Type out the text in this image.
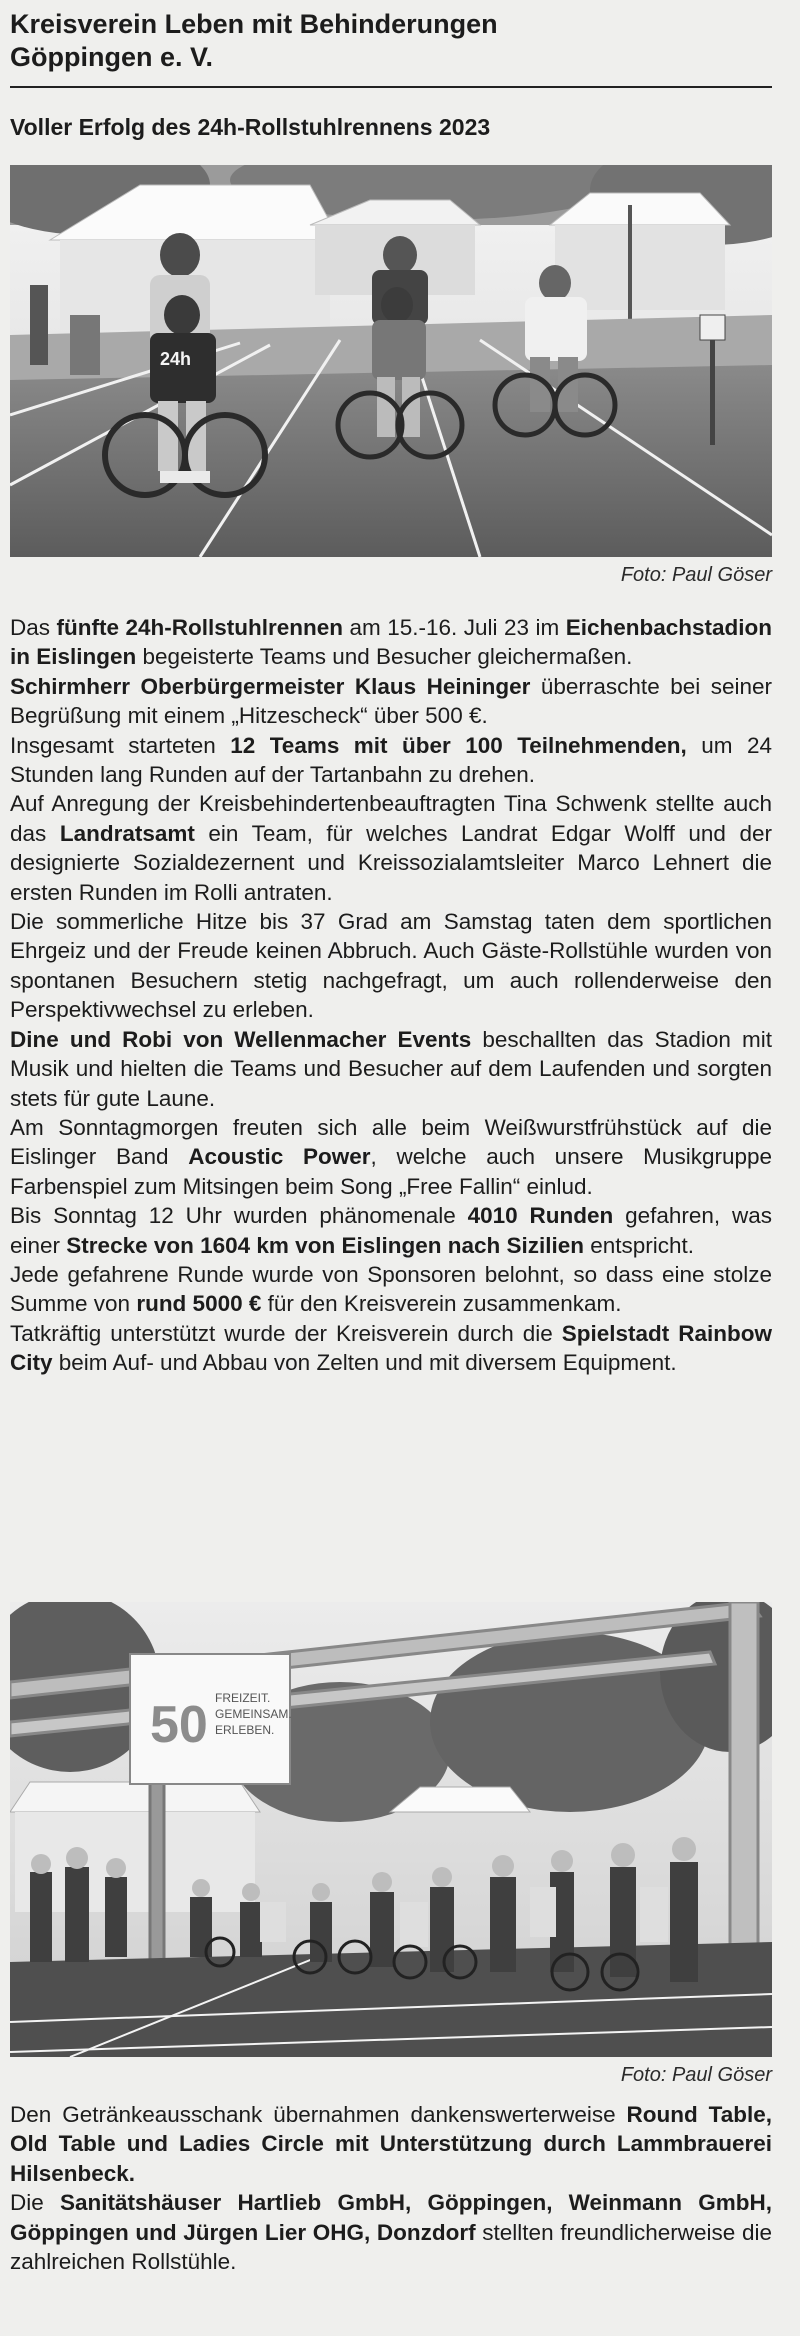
Kreisverein Leben mit Behinderungen
Göppingen e. V.
Voller Erfolg des 24h-Rollstuhlrennens 2023
24h
Foto: Paul Göser

Das fünfte 24h-Rollstuhlrennen am 15.-16. Juli 23 im Eichenbachstadion in Eislingen begeisterte Teams und Besucher gleichermaßen.

Schirmherr Oberbürgermeister Klaus Heininger überraschte bei seiner Begrüßung mit einem „Hitzescheck“ über 500 €.

Insgesamt starteten 12 Teams mit über 100 Teilnehmenden, um 24 Stunden lang Runden auf der Tartanbahn zu drehen.

Auf Anregung der Kreisbehindertenbeauftragten Tina Schwenk stellte auch das Landratsamt ein Team, für welches Landrat Edgar Wolff und der designierte Sozialdezernent und Kreissozialamtsleiter Marco Lehnert die ersten Runden im Rolli antraten.

Die sommerliche Hitze bis 37 Grad am Samstag taten dem sportlichen Ehrgeiz und der Freude keinen Abbruch. Auch Gäste-Rollstühle wurden von spontanen Besuchern stetig nachgefragt, um auch rollenderweise den Perspektivwechsel zu erleben.

Dine und Robi von Wellenmacher Events beschallten das Stadion mit Musik und hielten die Teams und Besucher auf dem Laufenden und sorgten stets für gute Laune.

Am Sonntagmorgen freuten sich alle beim Weißwurstfrühstück auf die Eislinger Band Acoustic Power, welche auch unsere Musikgruppe Farbenspiel zum Mitsingen beim Song „Free Fallin“ einlud.

Bis Sonntag 12 Uhr wurden phänomenale 4010 Runden gefahren, was einer Strecke von 1604 km von Eislingen nach Sizilien entspricht.

Jede gefahrene Runde wurde von Sponsoren belohnt, so dass eine stolze Summe von rund 5000 € für den Kreisverein zusammenkam.

Tatkräftig unterstützt wurde der Kreisverein durch die Spielstadt Rainbow City beim Auf- und Abbau von Zelten und mit diversem Equipment.

50 FREIZEIT.
GEMEINSAM.
ERLEBEN.
Foto: Paul Göser

Den Getränkeausschank übernahmen dankenswerterweise Round Table, Old Table und Ladies Circle mit Unterstützung durch Lammbrauerei Hilsenbeck.

Die Sanitätshäuser Hartlieb GmbH, Göppingen, Weinmann GmbH, Göppingen und Jürgen Lier OHG, Donzdorf stellten freundlicherweise die zahlreichen Rollstühle.
